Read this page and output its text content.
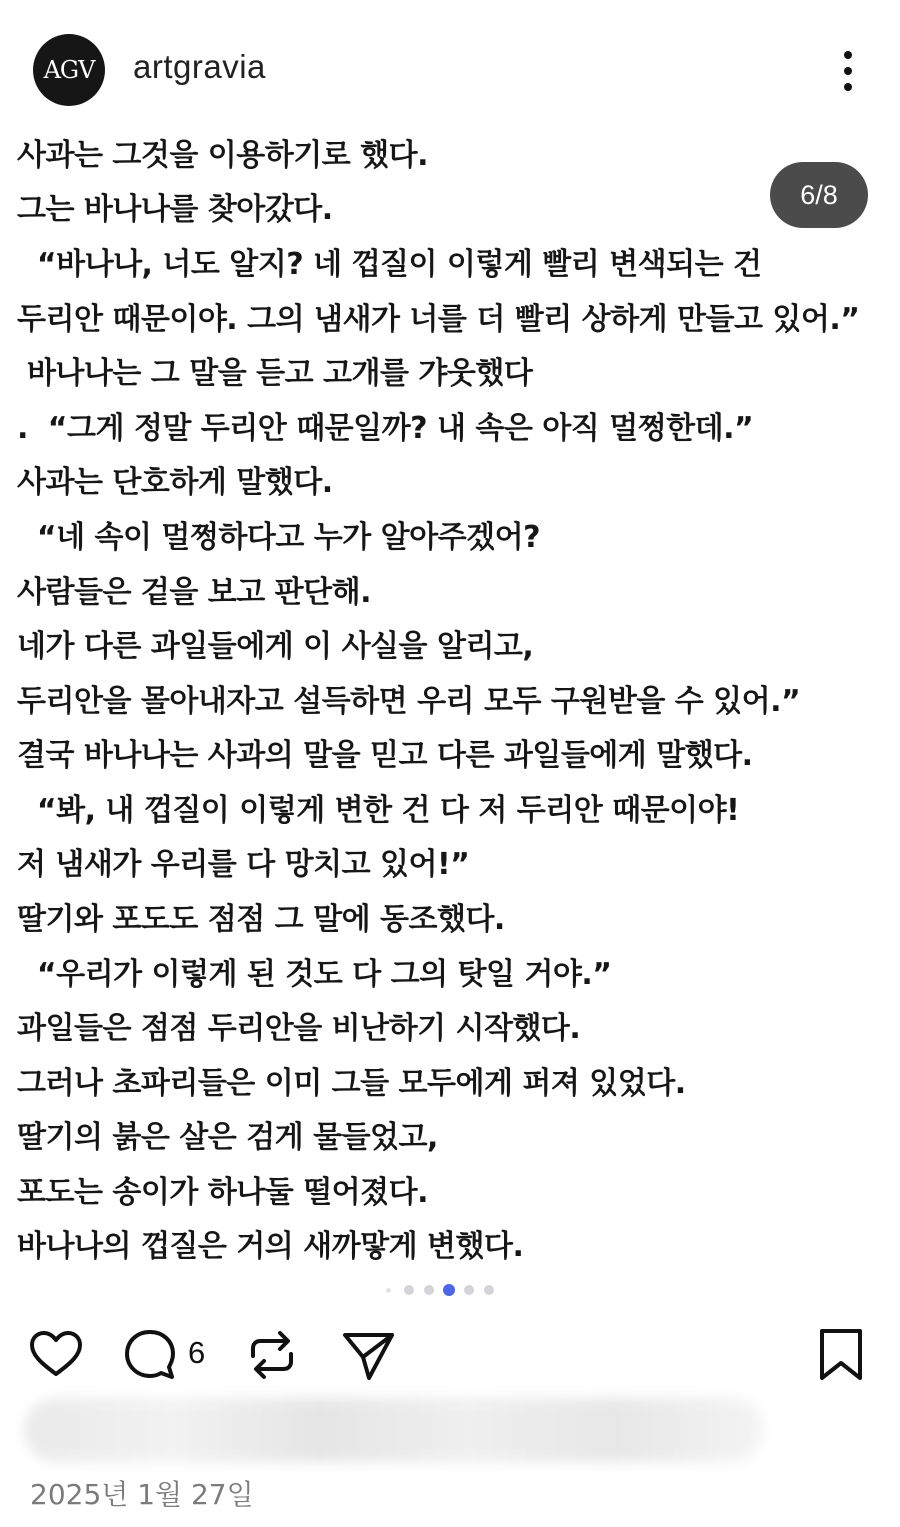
AGV	artgravia
6/8
사과는 그것을 이용하기로 했다.
그는 바나나를 찾아갔다.
“바나나, 너도 알지? 네 껍질이 이렇게 빨리 변색되는 건
두리안 때문이야. 그의 냄새가 너를 더 빨리 상하게 만들고 있어.”
바나나는 그 말을 듣고 고개를 갸웃했다
.  “그게 정말 두리안 때문일까? 내 속은 아직 멀쩡한데.”
사과는 단호하게 말했다.
“네 속이 멀쩡하다고 누가 알아주겠어?
사람들은 겉을 보고 판단해.
네가 다른 과일들에게 이 사실을 알리고,
두리안을 몰아내자고 설득하면 우리 모두 구원받을 수 있어.”
결국 바나나는 사과의 말을 믿고 다른 과일들에게 말했다.
“봐, 내 껍질이 이렇게 변한 건 다 저 두리안 때문이야!
저 냄새가 우리를 다 망치고 있어!”
딸기와 포도도 점점 그 말에 동조했다.
“우리가 이렇게 된 것도 다 그의 탓일 거야.”
과일들은 점점 두리안을 비난하기 시작했다.
그러나 초파리들은 이미 그들 모두에게 퍼져 있었다.
딸기의 붉은 살은 검게 물들었고,
포도는 송이가 하나둘 떨어졌다.
바나나의 껍질은 거의 새까맣게 변했다.
6
2025년 1월 27일
